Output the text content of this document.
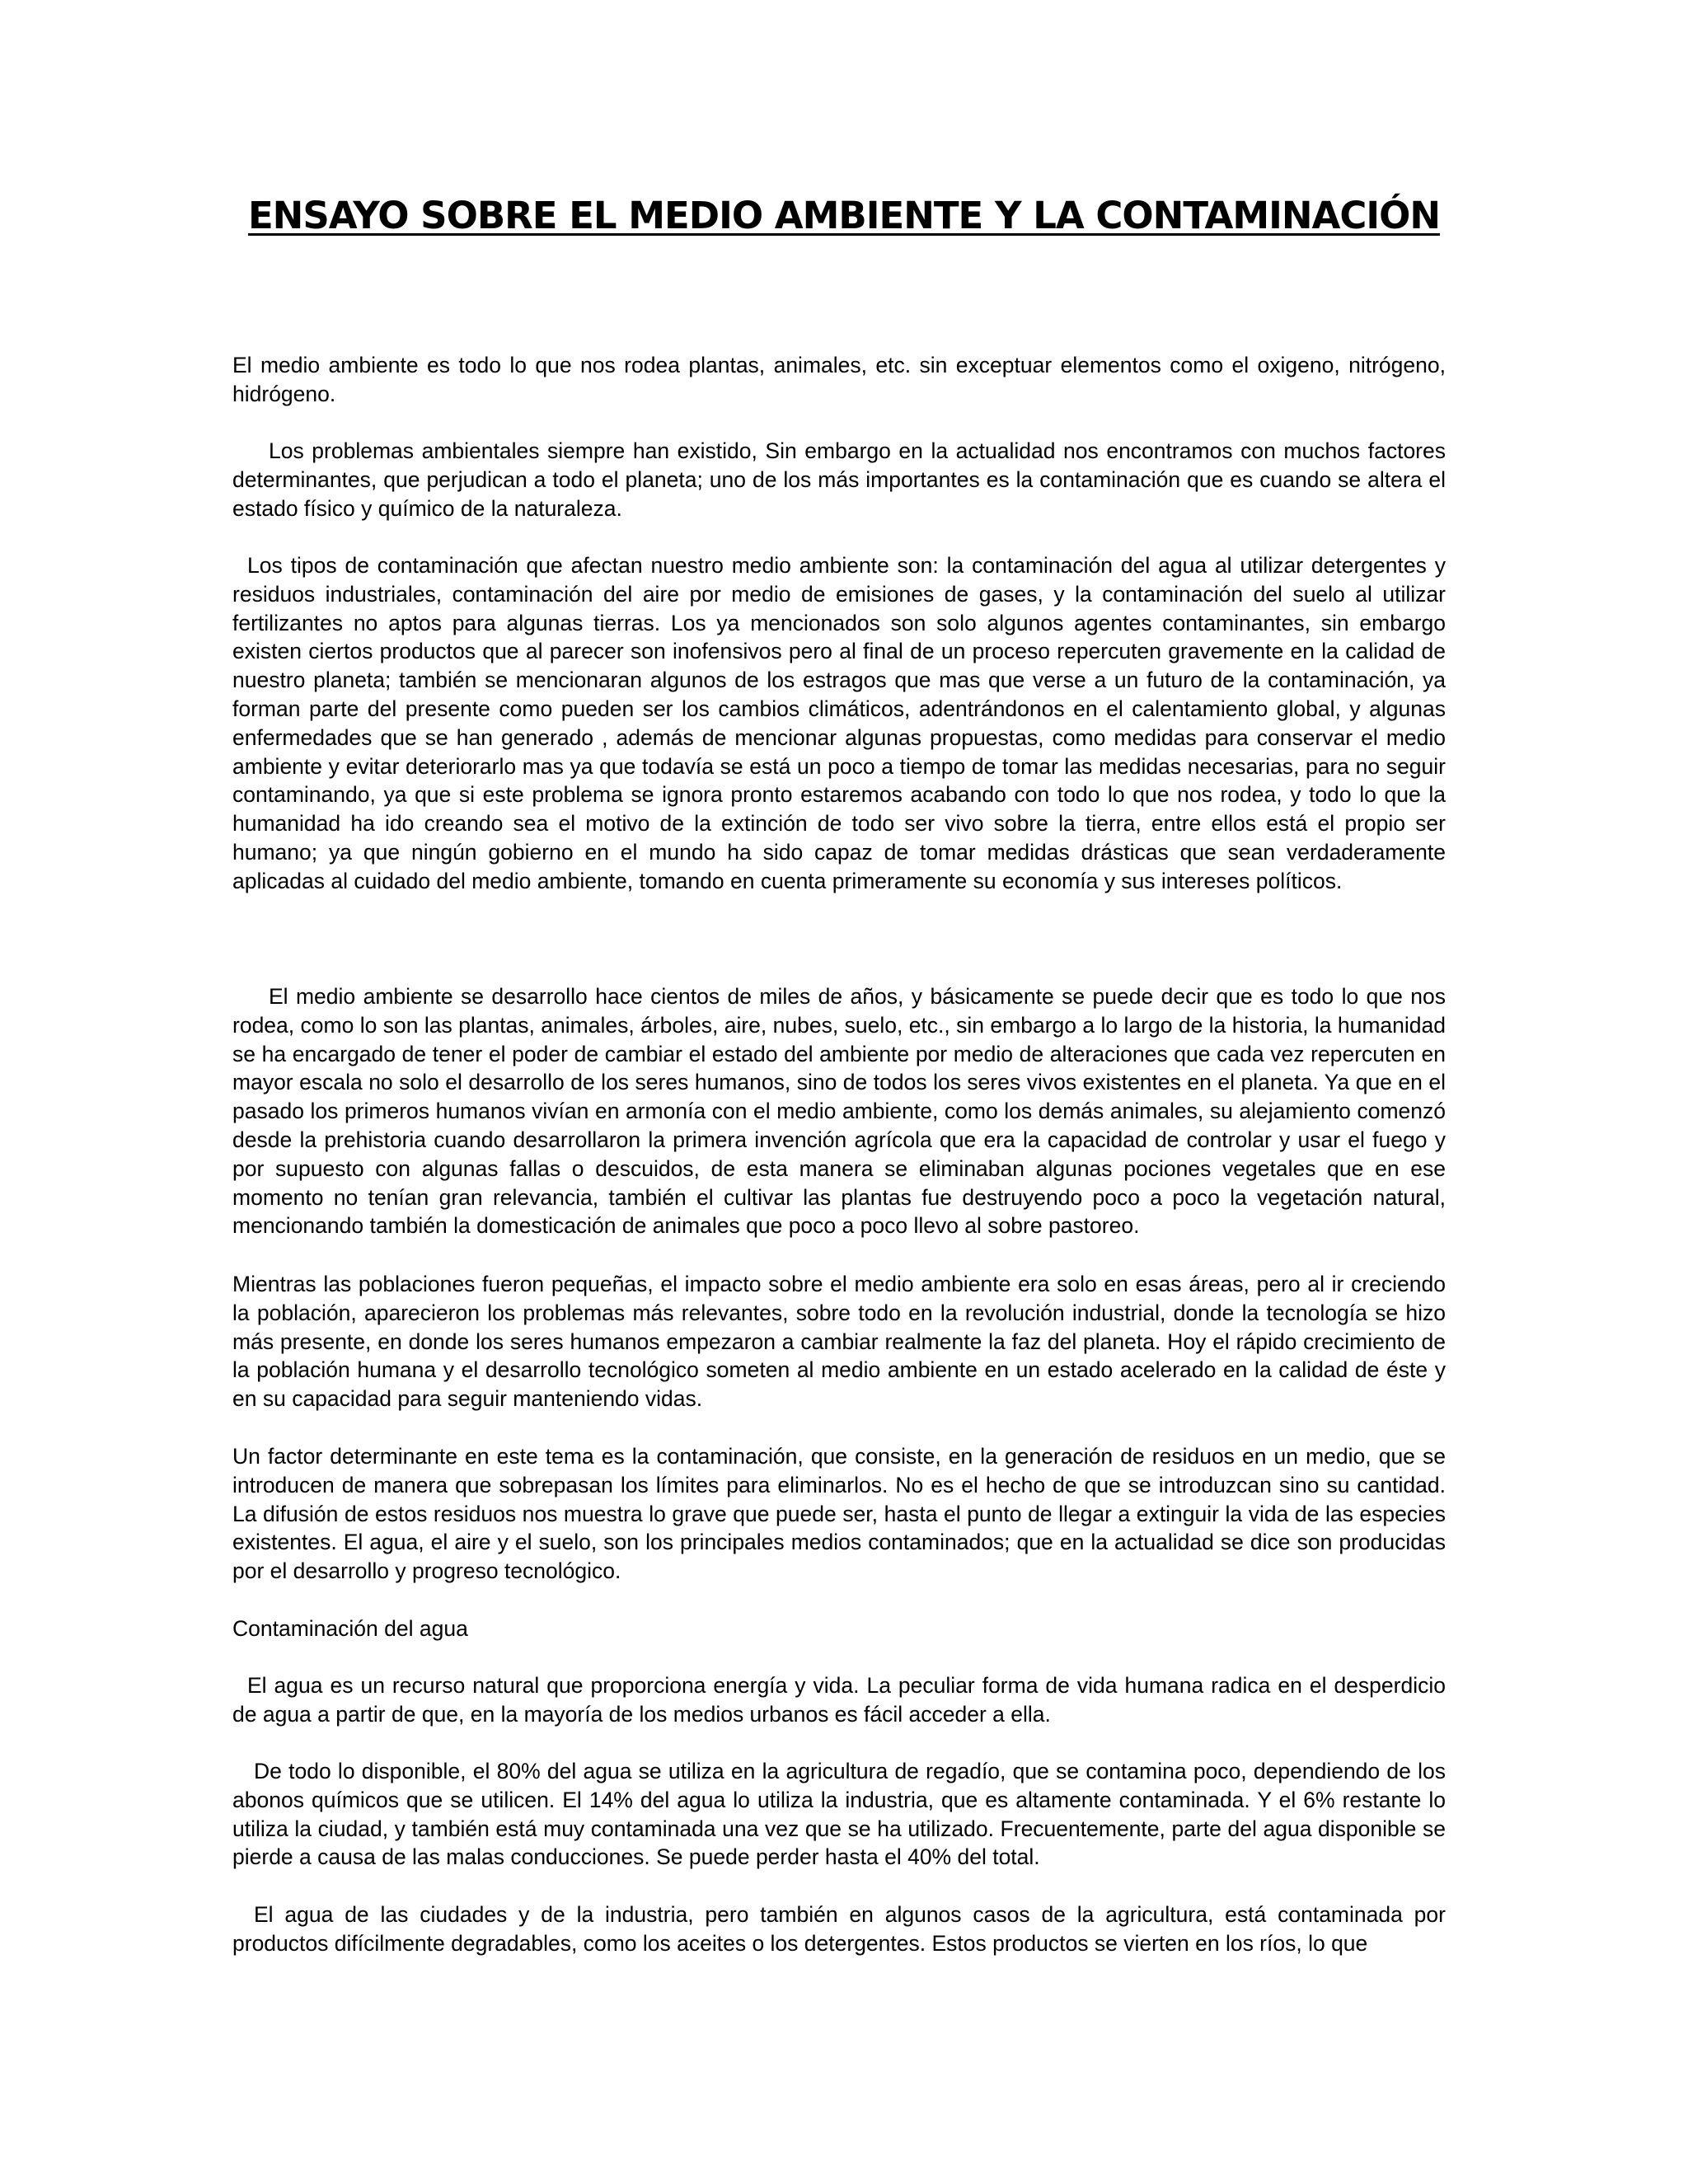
ENSAYO SOBRE EL MEDIO AMBIENTE Y LA CONTAMINACIÓN

El medio ambiente es todo lo que nos rodea plantas, animales, etc. sin exceptuar elementos como el oxigeno, nitrógeno, hidrógeno.

Los problemas ambientales siempre han existido, Sin embargo en la actualidad nos encontramos con muchos factores determinantes, que perjudican a todo el planeta; uno de los más importantes es la contaminación que es cuando se altera el estado físico y químico de la naturaleza.

Los tipos de contaminación que afectan nuestro medio ambiente son: la contaminación del agua al utilizar detergentes y residuos industriales, contaminación del aire por medio de emisiones de gases, y la contaminación del suelo al utilizar fertilizantes no aptos para algunas tierras. Los ya mencionados son solo algunos agentes contaminantes, sin embargo existen ciertos productos que al parecer son inofensivos pero al final de un proceso repercuten gravemente en la calidad de nuestro planeta; también se mencionaran algunos de los estragos que mas que verse a un futuro de la contaminación, ya forman parte del presente como pueden ser los cambios climáticos, adentrándonos en el calentamiento global, y algunas enfermedades que se han generado , además de mencionar algunas propuestas, como medidas para conservar el medio ambiente y evitar deteriorarlo mas ya que todavía se está un poco a tiempo de tomar las medidas necesarias, para no seguir contaminando, ya que si este problema se ignora pronto estaremos acabando con todo lo que nos rodea, y todo lo que la humanidad ha ido creando sea el motivo de la extinción de todo ser vivo sobre la tierra, entre ellos está el propio ser humano; ya que ningún gobierno en el mundo ha sido capaz de tomar medidas drásticas que sean verdaderamente aplicadas al cuidado del medio ambiente, tomando en cuenta primeramente su economía y sus intereses políticos.

El medio ambiente se desarrollo hace cientos de miles de años, y básicamente se puede decir que es todo lo que nos rodea, como lo son las plantas, animales, árboles, aire, nubes, suelo, etc., sin embargo a lo largo de la historia, la humanidad se ha encargado de tener el poder de cambiar el estado del ambiente por medio de alteraciones que cada vez repercuten en mayor escala no solo el desarrollo de los seres humanos, sino de todos los seres vivos existentes en el planeta. Ya que en el pasado los primeros humanos vivían en armonía con el medio ambiente, como los demás animales, su alejamiento comenzó desde la prehistoria cuando desarrollaron la primera invención agrícola que era la capacidad de controlar y usar el fuego y por supuesto con algunas fallas o descuidos, de esta manera se eliminaban algunas pociones vegetales que en ese momento no tenían gran relevancia, también el cultivar las plantas fue destruyendo poco a poco la vegetación natural, mencionando también la domesticación de animales que poco a poco llevo al sobre pastoreo.

Mientras las poblaciones fueron pequeñas, el impacto sobre el medio ambiente era solo en esas áreas, pero al ir creciendo la población, aparecieron los problemas más relevantes, sobre todo en la revolución industrial, donde la tecnología se hizo más presente, en donde los seres humanos empezaron a cambiar realmente la faz del planeta. Hoy el rápido crecimiento de la población humana y el desarrollo tecnológico someten al medio ambiente en un estado acelerado en la calidad de éste y en su capacidad para seguir manteniendo vidas.

Un factor determinante en este tema es la contaminación, que consiste, en la generación de residuos en un medio, que se introducen de manera que sobrepasan los límites para eliminarlos. No es el hecho de que se introduzcan sino su cantidad. La difusión de estos residuos nos muestra lo grave que puede ser, hasta el punto de llegar a extinguir la vida de las especies existentes. El agua, el aire y el suelo, son los principales medios contaminados; que en la actualidad se dice son producidas por el desarrollo y progreso tecnológico.

Contaminación del agua

El agua es un recurso natural que proporciona energía y vida. La peculiar forma de vida humana radica en el desperdicio de agua a partir de que, en la mayoría de los medios urbanos es fácil acceder a ella.

De todo lo disponible, el 80% del agua se utiliza en la agricultura de regadío, que se contamina poco, dependiendo de los abonos químicos que se utilicen. El 14% del agua lo utiliza la industria, que es altamente contaminada. Y el 6% restante lo utiliza la ciudad, y también está muy contaminada una vez que se ha utilizado. Frecuentemente, parte del agua disponible se pierde a causa de las malas conducciones. Se puede perder hasta el 40% del total.

El agua de las ciudades y de la industria, pero también en algunos casos de la agricultura, está contaminada por productos difícilmente degradables, como los aceites o los detergentes. Estos productos se vierten en los ríos, lo que
